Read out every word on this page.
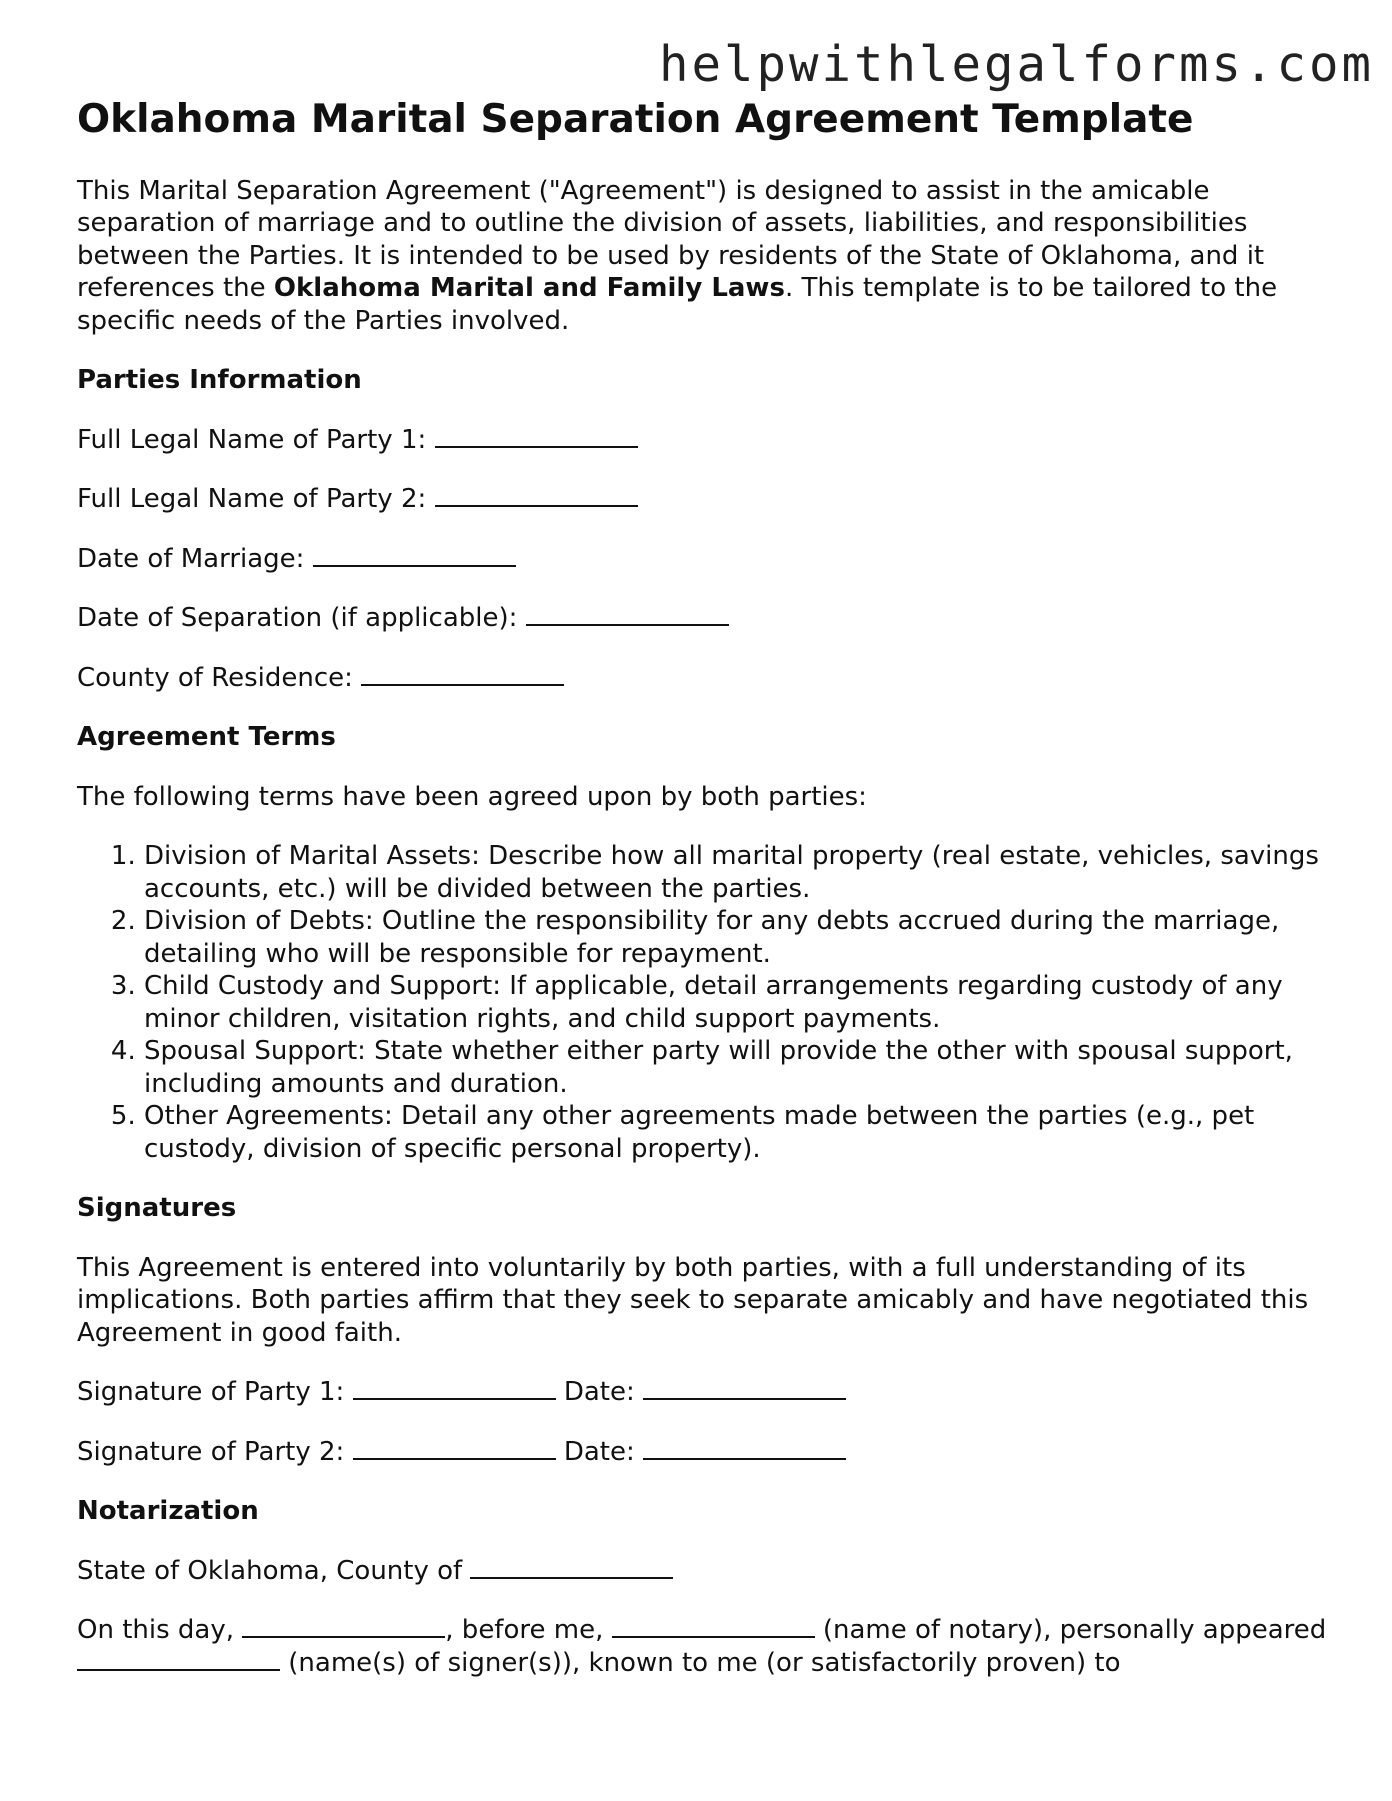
helpwithlegalforms.com
Oklahoma Marital Separation Agreement Template

This Marital Separation Agreement ("Agreement") is designed to assist in the amicable separation of marriage and to outline the division of assets, liabilities, and responsibilities between the Parties. It is intended to be used by residents of the State of Oklahoma, and it references the Oklahoma Marital and Family Laws. This template is to be tailored to the specific needs of the Parties involved.

Parties Information
Full Legal Name of Party 1:
Full Legal Name of Party 2:
Date of Marriage:
Date of Separation (if applicable):
County of Residence:
Agreement Terms

The following terms have been agreed upon by both parties:

1. Division of Marital Assets: Describe how all marital property (real estate, vehicles, savings accounts, etc.) will be divided between the parties.
2. Division of Debts: Outline the responsibility for any debts accrued during the marriage, detailing who will be responsible for repayment.
3. Child Custody and Support: If applicable, detail arrangements regarding custody of any minor children, visitation rights, and child support payments.
4. Spousal Support: State whether either party will provide the other with spousal support, including amounts and duration.
5. Other Agreements: Detail any other agreements made between the parties (e.g., pet custody, division of specific personal property).
Signatures

This Agreement is entered into voluntarily by both parties, with a full understanding of its implications. Both parties affirm that they seek to separate amicably and have negotiated this Agreement in good faith.

Signature of Party 1:	Date:
Signature of Party 2:	Date:
Notarization
State of Oklahoma, County of

On this day,	, before me,	(name of notary), personally appeared  (name(s) of signer(s)), known to me (or satisfactorily proven) to
